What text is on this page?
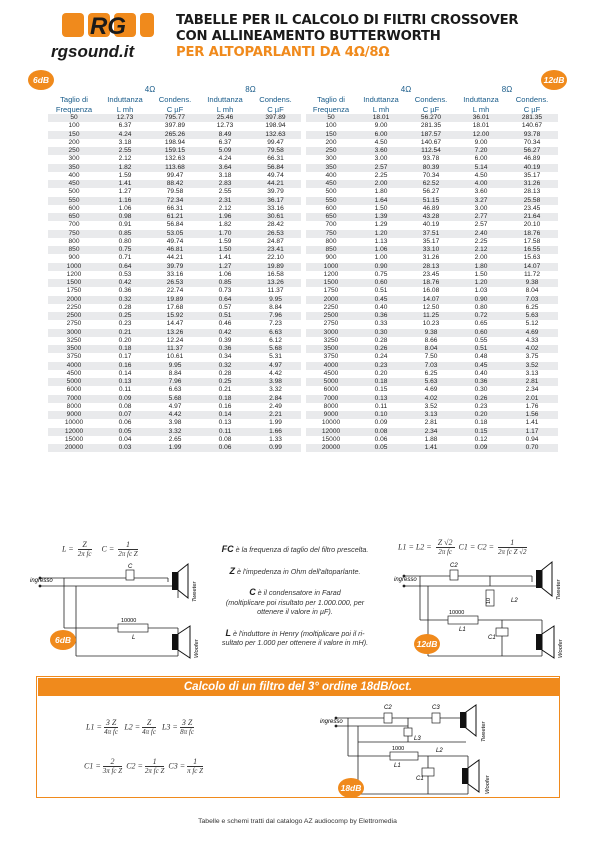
RG
rgsound.it
TABELLE PER IL CALCOLO DI FILTRI CROSSOVER
CON ALLINEAMENTO BUTTERWORTH
PER ALTOPARLANTI DA 4Ω/8Ω
6dB	12dB
	4Ω		8Ω	
Taglio di	Induttanza	Condens.	Induttanza	Condens.
Frequenza	L mh	C µF	L mh	C µF
50	12.73	795.77	25.46	397.89
100	6.37	397.89	12.73	198.94
150	4.24	265.26	8.49	132.63
200	3.18	198.94	6.37	99.47
250	2.55	159.15	5.09	79.58
300	2.12	132.63	4.24	66.31
350	1.82	113.68	3.64	56.84
400	1.59	99.47	3.18	49.74
450	1.41	88.42	2.83	44.21
500	1.27	79.58	2.55	39.79
550	1.16	72.34	2.31	36.17
600	1.06	66.31	2.12	33.16
650	0.98	61.21	1.96	30.61
700	0.91	56.84	1.82	28.42
750	0.85	53.05	1.70	26.53
800	0.80	49.74	1.59	24.87
850	0.75	46.81	1.50	23.41
900	0.71	44.21	1.41	22.10
1000	0.64	39.79	1.27	19.89
1200	0.53	33.16	1.06	16.58
1500	0.42	26.53	0.85	13.26
1750	0.36	22.74	0.73	11.37
2000	0.32	19.89	0.64	9.95
2250	0.28	17.68	0.57	8.84
2500	0.25	15.92	0.51	7.96
2750	0.23	14.47	0.46	7.23
3000	0.21	13.26	0.42	6.63
3250	0.20	12.24	0.39	6.12
3500	0.18	11.37	0.36	5.68
3750	0.17	10.61	0.34	5.31
4000	0.16	9.95	0.32	4.97
4500	0.14	8.84	0.28	4.42
5000	0.13	7.96	0.25	3.98
6000	0.11	6.63	0.21	3.32
7000	0.09	5.68	0.18	2.84
8000	0.08	4.97	0.16	2.49
9000	0.07	4.42	0.14	2.21
10000	0.06	3.98	0.13	1.99
12000	0.05	3.32	0.11	1.66
15000	0.04	2.65	0.08	1.33
20000	0.03	1.99	0.06	0.99
	4Ω		8Ω	
Taglio di	Induttanza	Condens.	Induttanza	Condens.
Frequenza	L mh	C µF	L mh	C µF
50	18.01	56.270	36.01	281.35
100	9.00	281.35	18.01	140.67
150	6.00	187.57	12.00	93.78
200	4.50	140.67	9.00	70.34
250	3.60	112.54	7.20	56.27
300	3.00	93.78	6.00	46.89
350	2.57	80.39	5.14	40.19
400	2.25	70.34	4.50	35.17
450	2.00	62.52	4.00	31.26
500	1.80	56.27	3.60	28.13
550	1.64	51.15	3.27	25.58
600	1.50	46.89	3.00	23.45
650	1.39	43.28	2.77	21.64
700	1.29	40.19	2.57	20.10
750	1.20	37.51	2.40	18.76
800	1.13	35.17	2.25	17.58
850	1.06	33.10	2.12	16.55
900	1.00	31.26	2.00	15.63
1000	0.90	28.13	1.80	14.07
1200	0.75	23.45	1.50	11.72
1500	0.60	18.76	1.20	9.38
1750	0.51	16.08	1.03	8.04
2000	0.45	14.07	0.90	7.03
2250	0.40	12.50	0.80	6.25
2500	0.36	11.25	0.72	5.63
2750	0.33	10.23	0.65	5.12
3000	0.30	9.38	0.60	4.69
3250	0.28	8.66	0.55	4.33
3500	0.26	8.04	0.51	4.02
3750	0.24	7.50	0.48	3.75
4000	0.23	7.03	0.45	3.52
4500	0.20	6.25	0.40	3.13
5000	0.18	5.63	0.36	2.81
6000	0.15	4.69	0.30	2.34
7000	0.13	4.02	0.26	2.01
8000	0.11	3.52	0.23	1.76
9000	0.10	3.13	0.20	1.56
10000	0.09	2.81	0.18	1.41
12000	0.08	2.34	0.15	1.17
15000	0.06	1.88	0.12	0.94
20000	0.05	1.41	0.09	0.70
$L = \frac{Z}{\text{2π fc}}$ $C = \frac{1}{\text{2π fc Z}}$
ingresso
C
10000
L
Tweeter
Woofer
6dB
FC è la frequenza di taglio del filtro prescelta.
Z è l'impedenza in Ohm dell'altoparlante.
C è il condensatore in Farad
(moltiplicare poi risultato per 1.000.000, per
ottenere il valore in µF).
L è l'induttore in Henry (moltiplicare poi il ri-
sultato per 1.000 per ottenere il valore in mH).
$L1 = L2 = \frac{Z √2}{\text{2π fc}} C1 = C2 = \frac{1}{\text{2π fc Z √2}}$
ingresso
C2
10
10000
L1
C1
L2
Tweeter
Woofer
12dB
Calcolo di un filtro del 3° ordine 18dB/oct.
$L1 = \frac{3 Z}{\text{4π fc}} L2 = \frac{Z}{\text{4π fc}} L3 = \frac{3 Z}{\text{8π fc}}$
$C1 = \frac{2}{\text{3π fc Z}} C2 = \frac{1}{\text{2π fc Z}} C3 = \frac{1}{\text{π fc Z}}$
ingresso
C2	C3
L3
1000
L1
L2
C1
Tweeter
Woofer
18dB
Tabelle e schemi tratti dal catalogo AZ audiocomp by Elettromedia
